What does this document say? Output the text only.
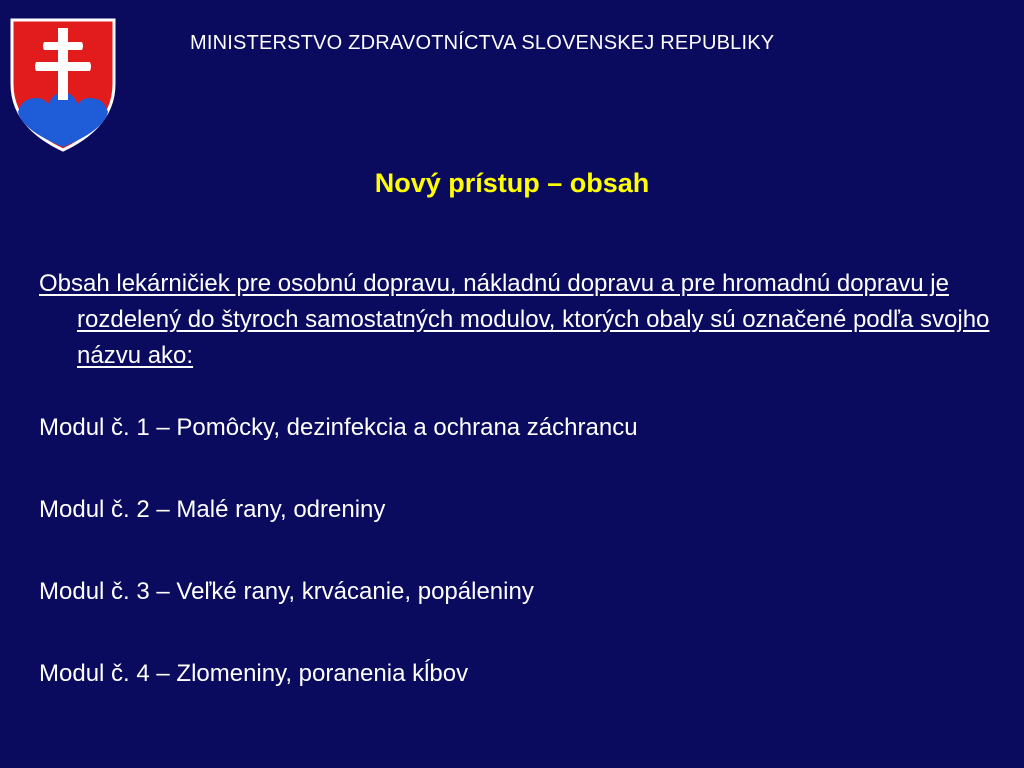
MINISTERSTVO ZDRAVOTNÍCTVA SLOVENSKEJ REPUBLIKY
Nový prístup – obsah
Obsah lekárničiek pre osobnú dopravu, nákladnú dopravu a pre hromadnú dopravu je rozdelený do štyroch samostatných modulov, ktorých obaly sú označené podľa svojho názvu ako:
Modul č. 1 – Pomôcky, dezinfekcia a ochrana záchrancu
Modul č. 2 – Malé rany, odreniny
Modul č. 3 – Veľké rany, krvácanie, popáleniny
Modul č. 4 – Zlomeniny, poranenia kĺbov
